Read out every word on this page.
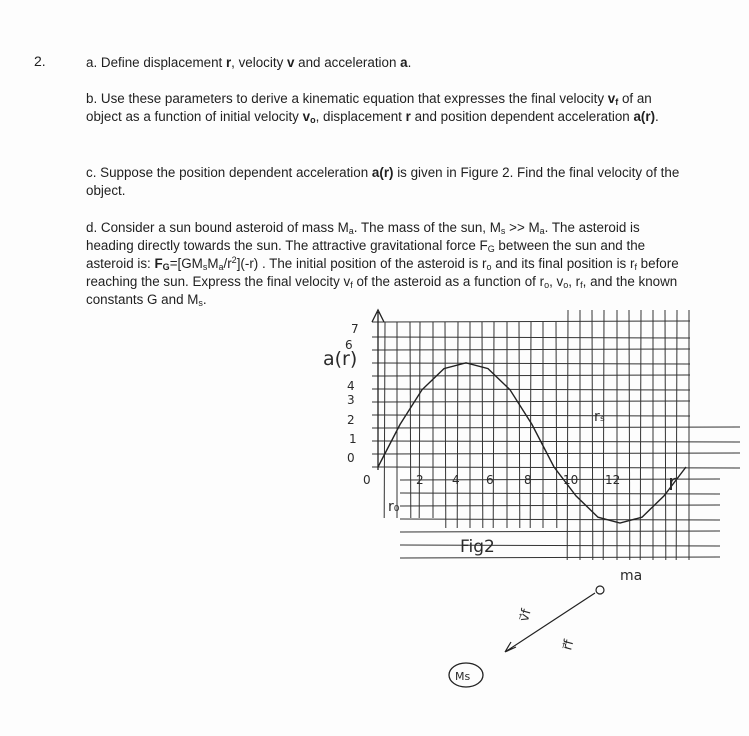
2.	a. Define displacement r, velocity v and acceleration a.
b. Use these parameters to derive a kinematic equation that expresses the final velocity $v_f$ of an object as a function of initial velocity $v_o$, displacement r and position dependent acceleration a(r).
c. Suppose the position dependent acceleration a(r) is given in Figure 2. Find the final velocity of the object.
d. Consider a sun bound asteroid of mass $M_a$. The mass of the sun, $M_s >> M_a$. The asteroid is heading directly towards the sun. The attractive gravitational force $F_G$ between the sun and the asteroid is: $F_G=[GM_sM_a/r^2](-r)$ . The initial position of the asteroid is $r_o$ and its final position is $r_f$ before reaching the sun. Express the final velocity $v_f$ of the asteroid as a function of $r_o$, $v_o$, $r_f$, and the known constants G and $M_s$.
7
6
4
3
2
1
0
a(r)
0	2 4 6	8	10 12 r
r₀
rₛ
Fig2
ma
v⃗f
r⃗f
Ms
